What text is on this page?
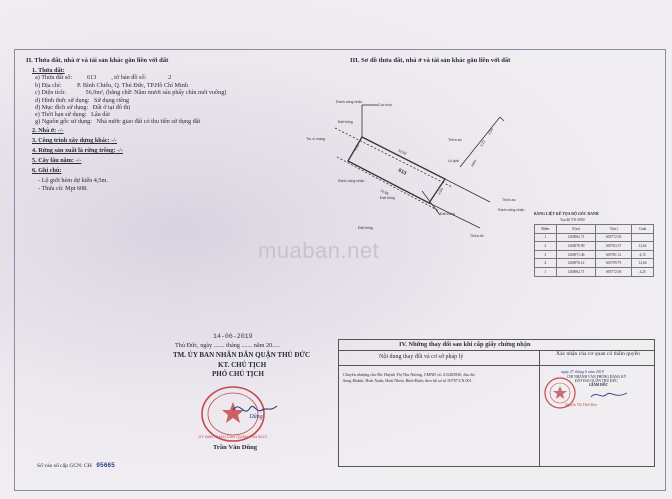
II. Thửa đất, nhà ở và tài sản khác gắn liền với đất
1. Thửa đất:
a) Thửa đất số: 613 , tờ bản đồ số:	2
b) Địa chỉ:	P. Bình Chiểu, Q. Thủ Đức, TP.Hồ Chí Minh
c) Diện tích:	56,9m², (bằng chữ: Năm mươi sáu phẩy chín mét vuông)
d) Hình thức sử dụng: Sử dụng riêng
đ) Mục đích sử dụng: Đất ở tại đô thị
e) Thời hạn sử dụng: Lâu dài
g) Nguồn gốc sử dụng: Nhà nước giao đất có thu tiền sử dụng đất
2. Nhà ở: -/-
3. Công trình xây dựng khác: -/-
4. Rừng sản xuất là rừng trồng: -/-
5. Cây lâu năm: -/-
6. Ghi chú:
- Lộ giới hẻm dự kiến 4,5m.
- Thửa cũ: Mpt 608.
14-06-2019
Thủ Đức, ngày ....... tháng ....... năm 20.....
TM. ỦY BAN NHÂN DÂN QUẬN THỦ ĐỨC
KT. CHỦ TỊCH
PHÓ CHỦ TỊCH
ỦY BAN NHÂN DÂN QUẬN THỦ ĐỨC
Dũng
Trần Văn Dũng
Số vào sổ cấp GCN: CH 05665
III. Sơ đồ thửa đất, nhà ở và tài sản khác gắn liền với đất
Ranh công nhận
Cục mốc
Đất trống
Trụ vì mạng	Thửa ao
Lộ giới
Ranh công nhận
Đất trống
Hẻm
613
Thửa ao
Ranh công nhận
Đất trống
Đất trống
Thửa đo
12,62
12,66	4,50
4,51	4,22
4,06
muaban.net
BẢNG LIỆT KÊ TỌA ĐỘ GÓC RANH
Tọa độ VN-2000
Điểm	X(m)	Y(m)	Cạnh
1	1204962.71	605772.56	
2	1204978.99	605763.37	12,62
3	1204971.46	605781.12	4,15
4	1204976.14	605799.79	12,66
1	1204962.71	605772.56	4,25
IV. Những thay đổi sau khi cấp giấy chứng nhận
Nội dung thay đổi và cơ sở pháp lý	Xác nhận của cơ quan có thẩm quyền
Chuyển nhượng cho Bà: Huỳnh Thị Thu Nương, CMND số: 215265830, địa chỉ:
Song Khánh, Hoài Xuân, Hoài Nhơn, Bình Định; theo hồ sơ số 50787.CN.001.
ngày 27 tháng 6 năm 2019
CHI NHÁNH VĂN PHÒNG ĐĂNG KÝ
ĐẤT ĐAI QUẬN THỦ ĐỨC
GIÁM ĐỐC
Nguyễn Thị Thiết Kim
